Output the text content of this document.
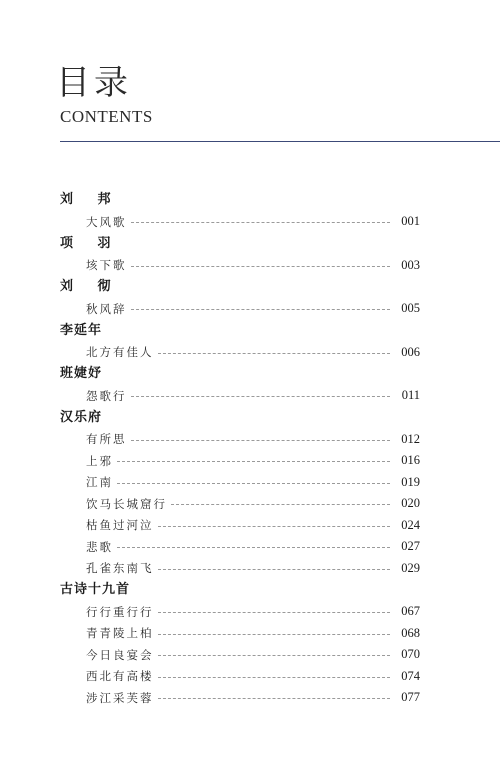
目录
CONTENTS
刘 邦
大风歌	001
项 羽
垓下歌	003
刘 彻
秋风辞	005
李延年
北方有佳人	006
班婕妤
怨歌行	011
汉乐府
有所思	012
上邪	016
江南	019
饮马长城窟行	020
枯鱼过河泣	024
悲歌	027
孔雀东南飞	029
古诗十九首
行行重行行	067
青青陵上柏	068
今日良宴会	070
西北有高楼	074
涉江采芙蓉	077
